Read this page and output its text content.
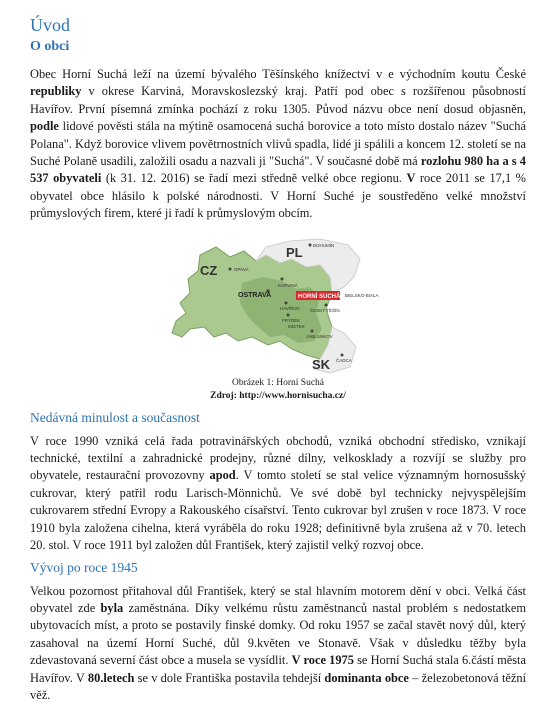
Úvod
O obci

Obec Horní Suchá leží na území bývalého Těšínského knížectví v e východním koutu České republiky v okrese Karviná, Moravskoslezský kraj. Patří pod obec s rozšířenou působností Havířov. První písemná zmínka pochází z roku 1305. Původ názvu obce není dosud objasněn, podle lidové pověsti stála na mýtině osamocená suchá borovice a toto místo dostalo název "Suchá Polana". Když borovice vlivem povětrnostních vlivů spadla, lidé ji spálili a koncem 12. století se na Suché Polaně usadili, založili osadu a nazvali ji "Suchá". V současné době má rozlohu 980 ha a s 4 537 obyvateli (k 31. 12. 2016) se řadí mezi středně velké obce regionu. V roce 2011 se 17,1 % obyvatel obce hlásilo k polské národnosti. V Horní Suché je soustředěno velké množství průmyslových firem, které ji řadí k průmyslovým obcím.

CZ
PL
SK
BOHUMÍN
OPAVA
KARVINÁ
OSTRAVA	HORNÍ SUCHÁ
HAVÍŘOV ČESKÝ TĚŠÍN
BIELSKO-BIALA
FRÝDEK
MÍSTEK
JABLUNKOV
ČADCA
Obrázek 1: Horní Suchá
Zdroj: http://www.hornisucha.cz/
Nedávná minulost a současnost

V roce 1990 vzniká celá řada potravinářských obchodů, vzniká obchodní středisko, vznikají technické, textilní a zahradnické prodejny, různé dílny, velkosklady a rozvíjí se služby pro obyvatele, restaurační provozovny apod. V tomto století se stal velice významným hornosušský cukrovar, který patřil rodu Larisch-Mönnichů. Ve své době byl technicky nejvyspělejším cukrovarem střední Evropy a Rakouského císařství. Tento cukrovar byl zrušen v roce 1873. V roce 1910 byla založena cihelna, která vyráběla do roku 1928; definitivně byla zrušena až v 70. letech 20. stol. V roce 1911 byl založen důl František, který zajistil velký rozvoj obce.

Vývoj po roce 1945

Velkou pozornost přitahoval důl František, který se stal hlavním motorem dění v obci. Velká část obyvatel zde byla zaměstnána. Díky velkému růstu zaměstnanců nastal problém s nedostatkem ubytovacích míst, a proto se postavily finské domky. Od roku 1957 se začal stavět nový důl, který zasahoval na území Horní Suché, důl 9.květen ve Stonavě. Však v důsledku těžby byla zdevastovaná severní část obce a musela se vysídlit. V roce 1975 se Horní Suchá stala 6.částí města Havířov. V 80.letech se v dole Františka postavila tehdejší dominanta obce – železobetonová těžní věž.
